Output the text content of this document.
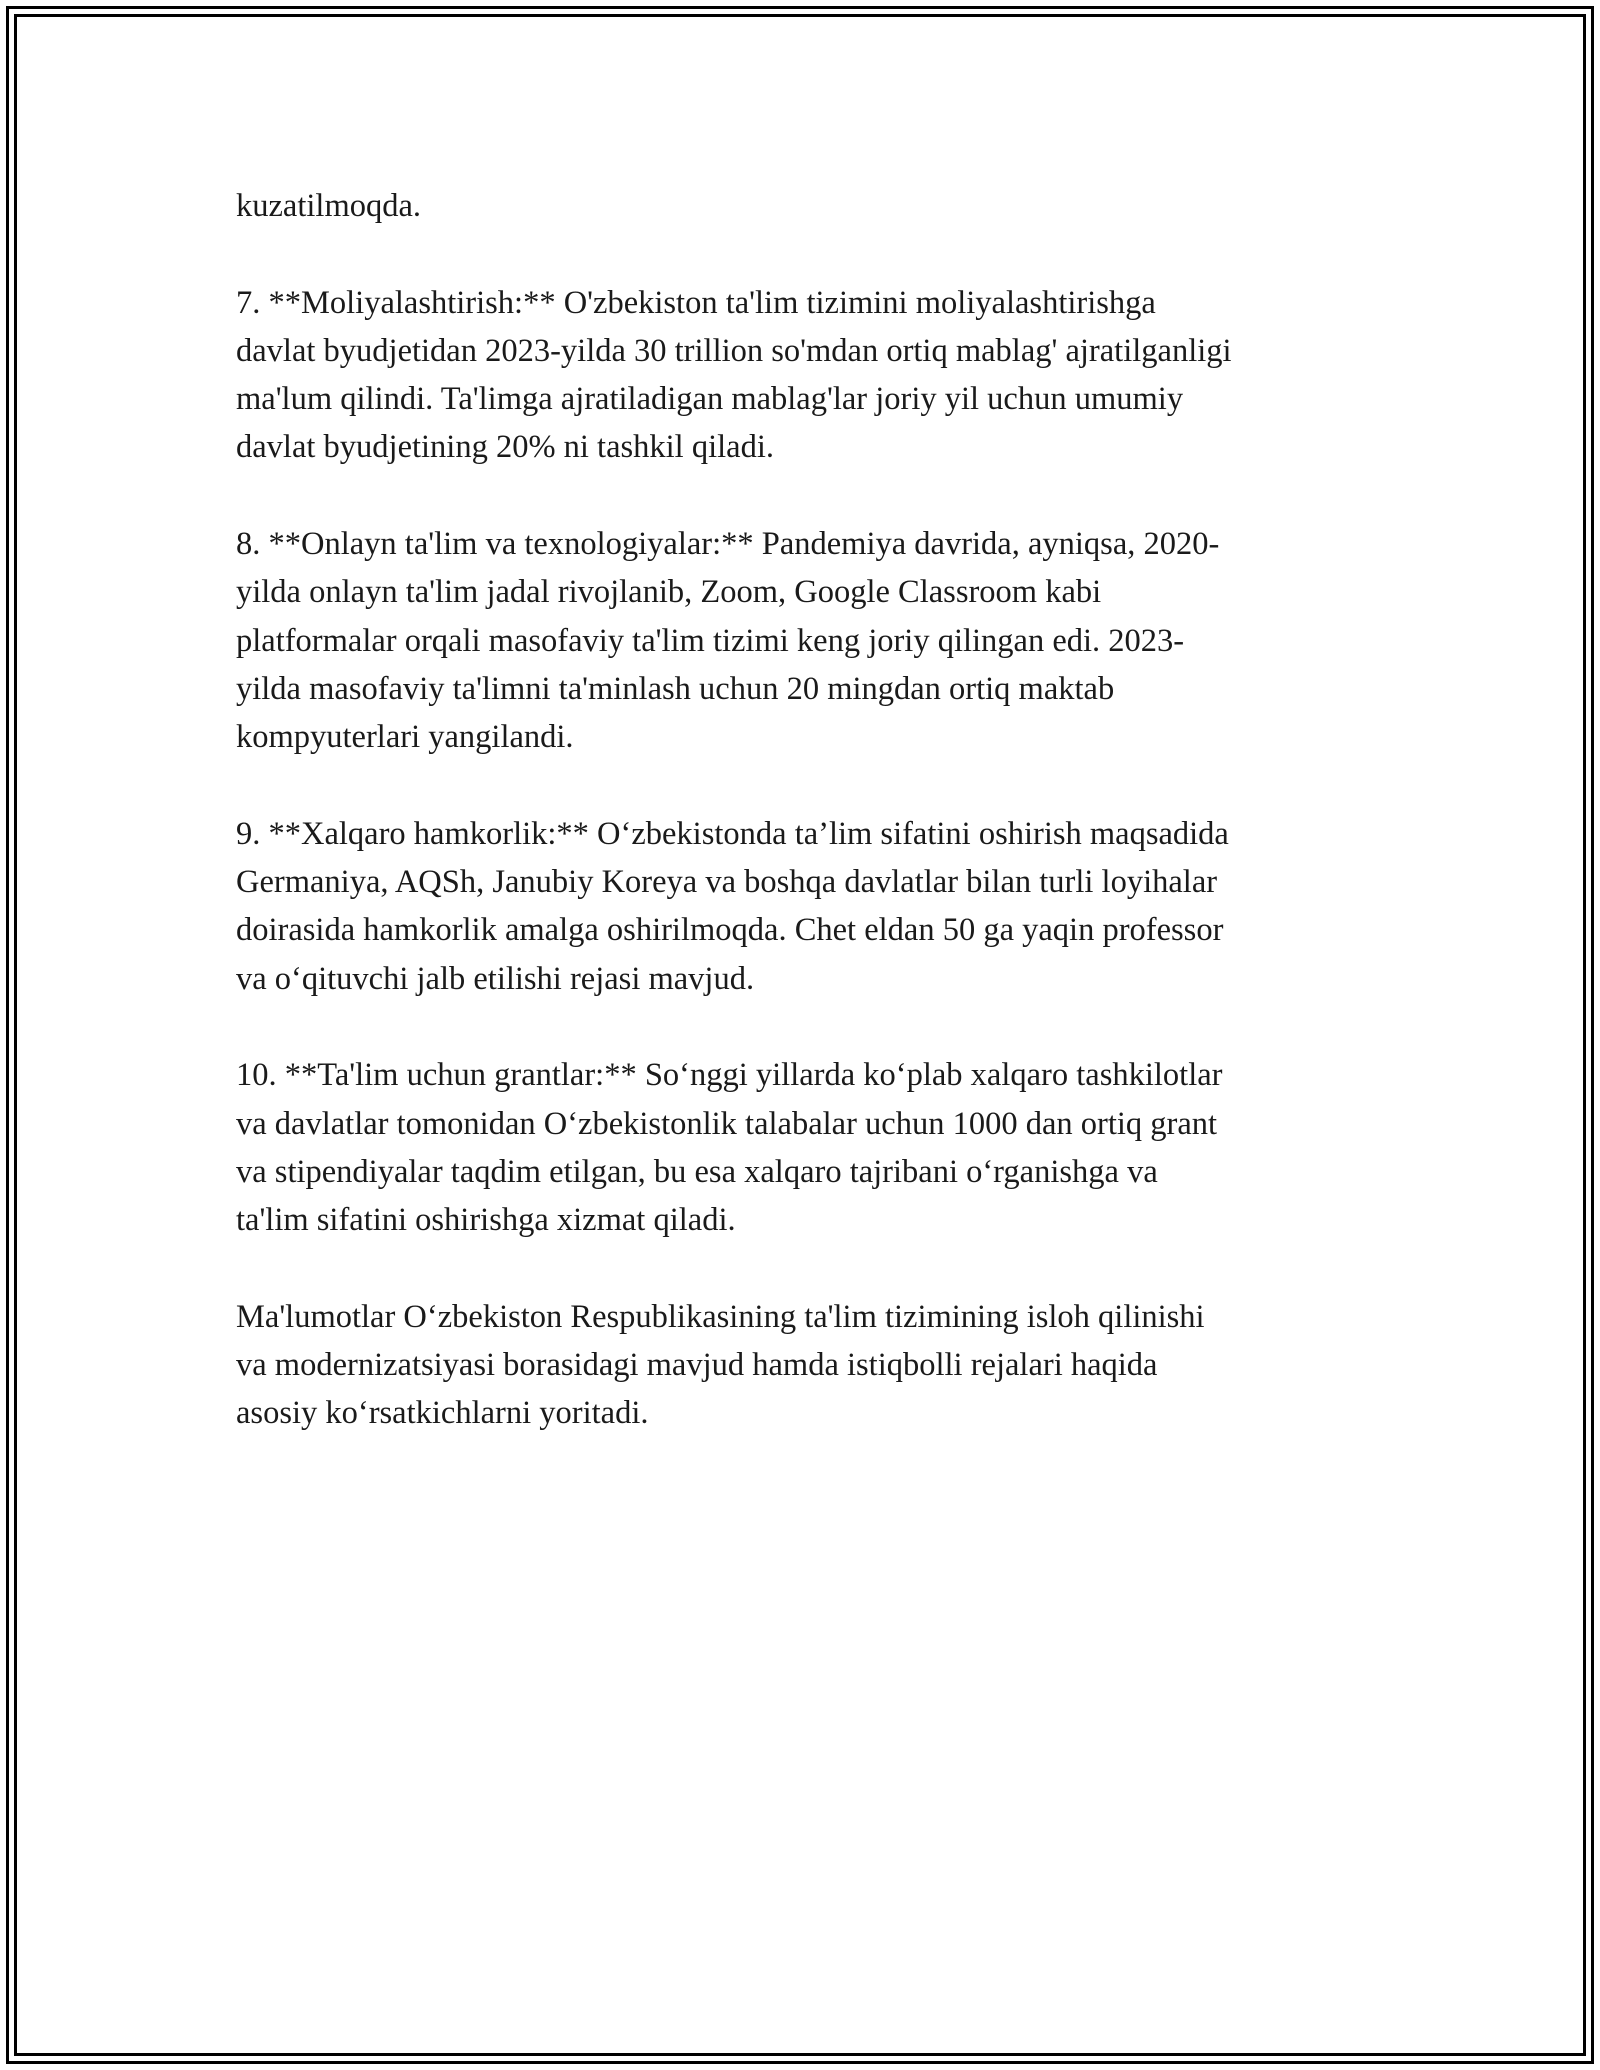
kuzatilmoqda.

7. **Moliyalashtirish:** O'zbekiston ta'lim tizimini moliyalashtirishga
davlat byudjetidan 2023-yilda 30 trillion so'mdan ortiq mablag' ajratilganligi
ma'lum qilindi. Ta'limga ajratiladigan mablag'lar joriy yil uchun umumiy
davlat byudjetining 20% ni tashkil qiladi.

8. **Onlayn ta'lim va texnologiyalar:** Pandemiya davrida, ayniqsa, 2020-
yilda onlayn ta'lim jadal rivojlanib, Zoom, Google Classroom kabi
platformalar orqali masofaviy ta'lim tizimi keng joriy qilingan edi. 2023-
yilda masofaviy ta'limni ta'minlash uchun 20 mingdan ortiq maktab
kompyuterlari yangilandi.

9. **Xalqaro hamkorlik:** O‘zbekistonda ta’lim sifatini oshirish maqsadida
Germaniya, AQSh, Janubiy Koreya va boshqa davlatlar bilan turli loyihalar
doirasida hamkorlik amalga oshirilmoqda. Chet eldan 50 ga yaqin professor
va o‘qituvchi jalb etilishi rejasi mavjud.

10. **Ta'lim uchun grantlar:** So‘nggi yillarda ko‘plab xalqaro tashkilotlar
va davlatlar tomonidan O‘zbekistonlik talabalar uchun 1000 dan ortiq grant
va stipendiyalar taqdim etilgan, bu esa xalqaro tajribani o‘rganishga va
ta'lim sifatini oshirishga xizmat qiladi.

Ma'lumotlar O‘zbekiston Respublikasining ta'lim tizimining isloh qilinishi
va modernizatsiyasi borasidagi mavjud hamda istiqbolli rejalari haqida
asosiy ko‘rsatkichlarni yoritadi.
